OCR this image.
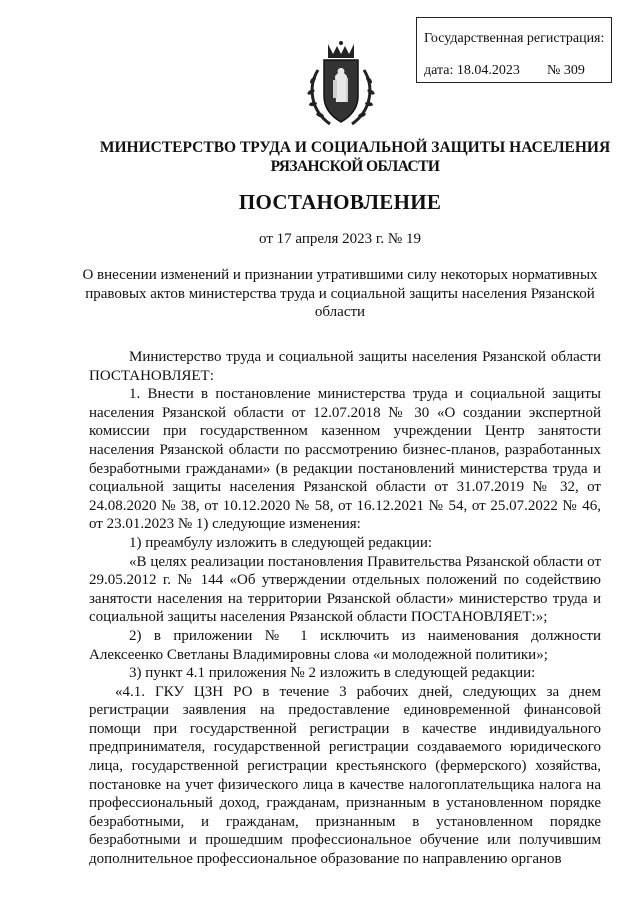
Государственная регистрация:
дата: 18.04.2023 № 309
МИНИСТЕРСТВО ТРУДА И СОЦИАЛЬНОЙ ЗАЩИТЫ НАСЕЛЕНИЯ
РЯЗАНСКОЙ ОБЛАСТИ
ПОСТАНОВЛЕНИЕ
от 17 апреля 2023 г. № 19
О внесении изменений и признании утратившими силу некоторых нормативных правовых актов министерства труда и социальной защиты населения Рязанской области

Министерство труда и социальной защиты населения Рязанской области ПОСТАНОВЛЯЕТ:

1. Внести в постановление министерства труда и социальной защиты населения Рязанской области от 12.07.2018 № 30 «О создании экспертной комиссии при государственном казенном учреждении Центр занятости населения Рязанской области по рассмотрению бизнес-планов, разработанных безработными гражданами» (в редакции постановлений министерства труда и социальной защиты населения Рязанской области от 31.07.2019 № 32, от 24.08.2020 № 38, от 10.12.2020 № 58, от 16.12.2021 № 54, от 25.07.2022 № 46, от 23.01.2023 № 1) следующие изменения:

1) преамбулу изложить в следующей редакции:

«В целях реализации постановления Правительства Рязанской области от 29.05.2012 г. № 144 «Об утверждении отдельных положений по содействию занятости населения на территории Рязанской области» министерство труда и социальной защиты населения Рязанской области ПОСТАНОВЛЯЕТ:»;

2) в приложении № 1 исключить из наименования должности Алексеенко Светланы Владимировны слова «и молодежной политики»;

3) пункт 4.1 приложения № 2 изложить в следующей редакции:

«4.1. ГКУ ЦЗН РО в течение 3 рабочих дней, следующих за днем регистрации заявления на предоставление единовременной финансовой помощи при государственной регистрации в качестве индивидуального предпринимателя, государственной регистрации создаваемого юридического лица, государственной регистрации крестьянского (фермерского) хозяйства, постановке на учет физического лица в качестве налогоплательщика налога на профессиональный доход, гражданам, признанным в установленном порядке безработными, и гражданам, признанным в установленном порядке безработными и прошедшим профессиональное обучение или получившим дополнительное профессиональное образование по направлению органов
